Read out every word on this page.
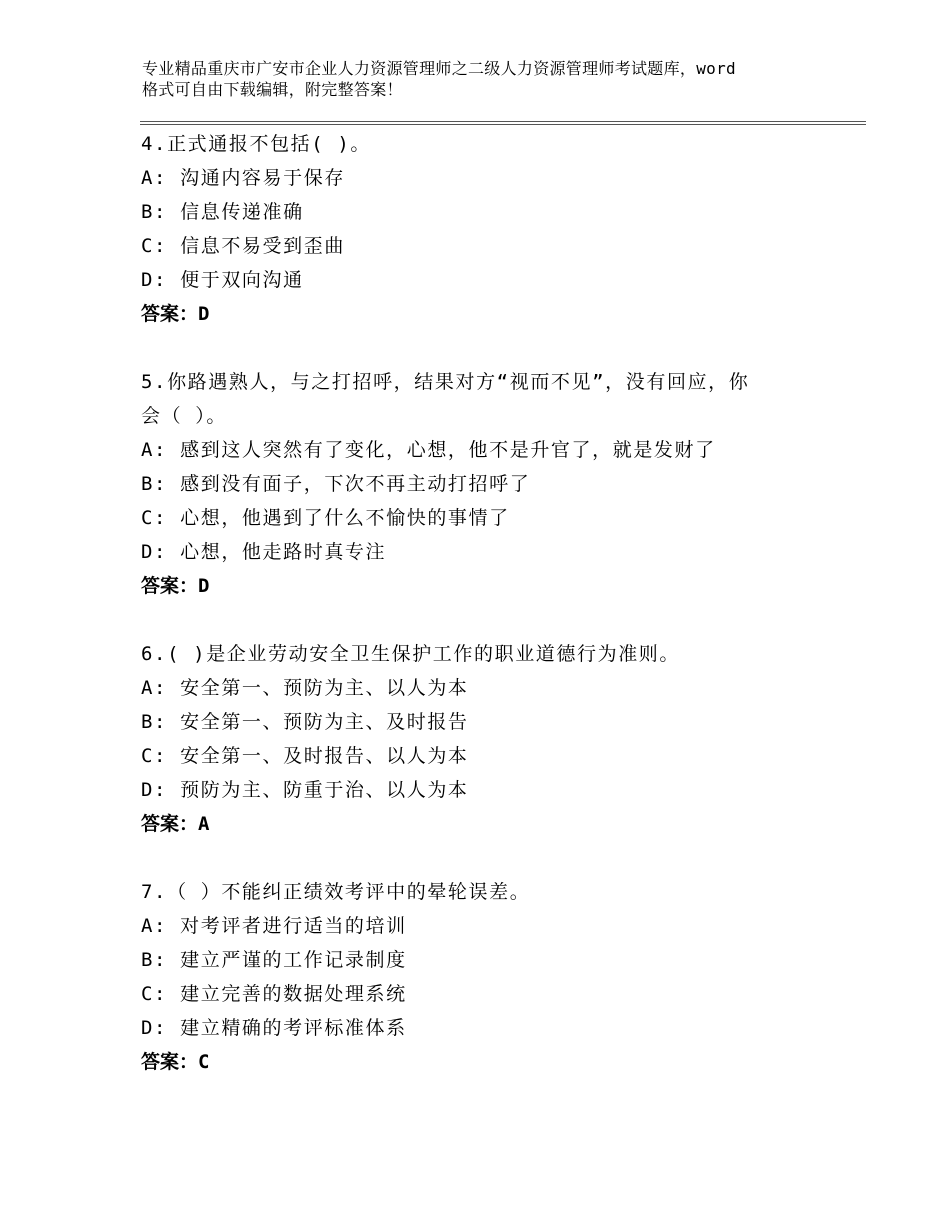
专业精品重庆市广安市企业人力资源管理师之二级人力资源管理师考试题库，word
格式可自由下载编辑，附完整答案！
4.正式通报不包括( )。
A: 沟通内容易于保存
B: 信息传递准确
C: 信息不易受到歪曲
D: 便于双向沟通
答案：D
5.你路遇熟人，与之打招呼，结果对方“视而不见”，没有回应，你
会（ ）。
A: 感到这人突然有了变化，心想，他不是升官了，就是发财了
B: 感到没有面子，下次不再主动打招呼了
C: 心想，他遇到了什么不愉快的事情了
D: 心想，他走路时真专注
答案：D
6.( )是企业劳动安全卫生保护工作的职业道德行为准则。
A: 安全第一、预防为主、以人为本
B: 安全第一、预防为主、及时报告
C: 安全第一、及时报告、以人为本
D: 预防为主、防重于治、以人为本
答案：A
7.（ ）不能纠正绩效考评中的晕轮误差。
A: 对考评者进行适当的培训
B: 建立严谨的工作记录制度
C: 建立完善的数据处理系统
D: 建立精确的考评标准体系
答案：C
